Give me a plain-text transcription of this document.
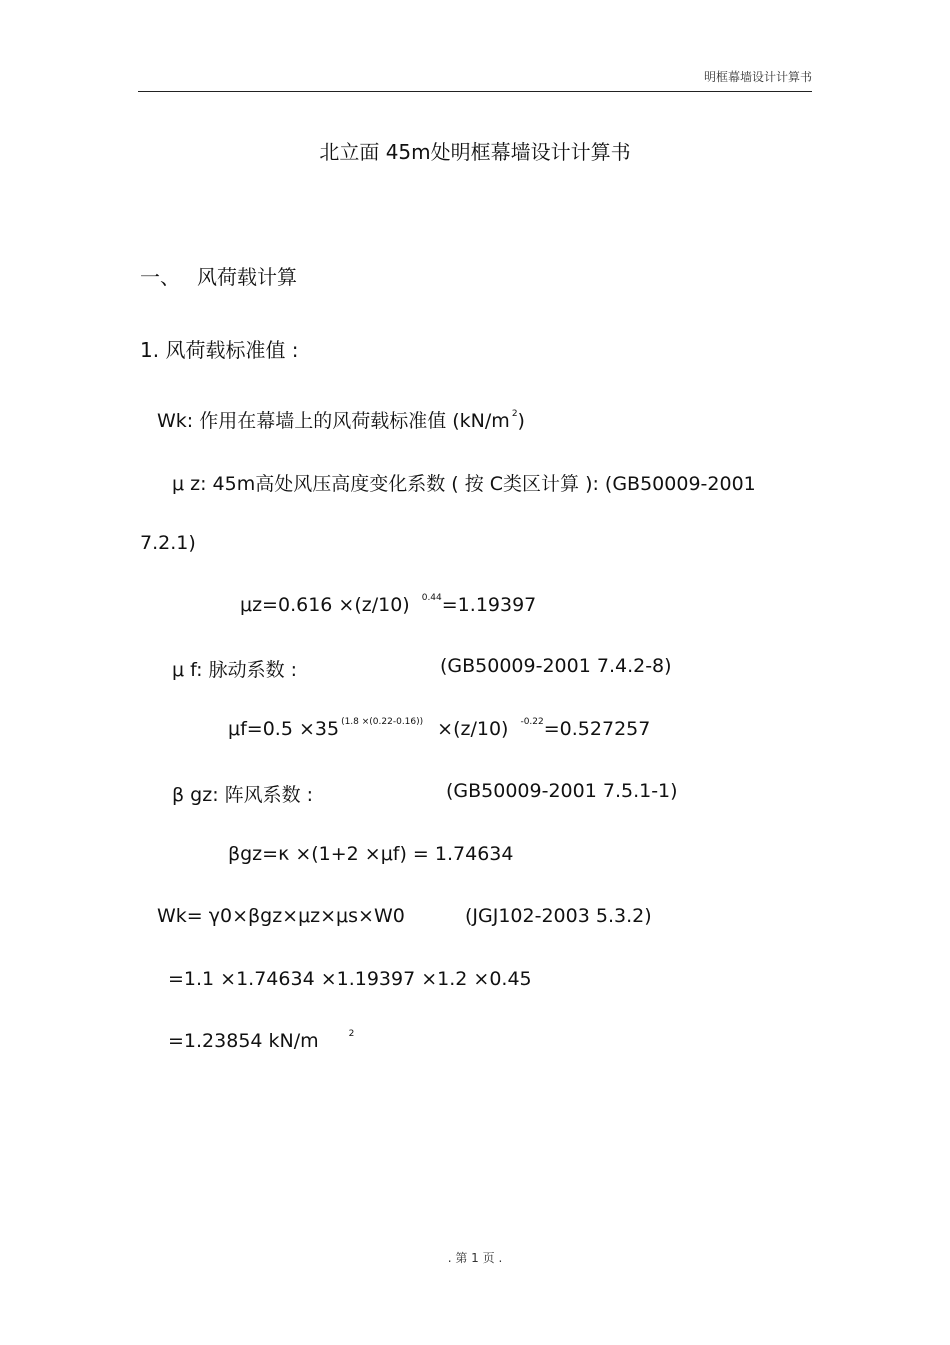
明框幕墙设计计算书
北立面 45m处明框幕墙设计计算书
一、 风荷载计算
1. 风荷载标准值 :
Wk: 作用在幕墙上的风荷载标准值 (kN/m $^2$)
μ z: 45m高处风压高度变化系数 ( 按 C类区计算 ): (GB50009-2001
7.2.1)
μz=0.616 ×(z/10) $^{0.44}$=1.19397
μ f: 脉动系数 :	(GB50009-2001 7.4.2-8)
μf=0.5 ×35 $^{(1.8 \times(0.22-0.16))}$ ×(z/10) $^{-0.22}$=0.527257
β gz: 阵风系数 :	(GB50009-2001 7.5.1-1)
βgz=κ ×(1+2 ×μf) = 1.74634
Wk= γ0×βgz×μz×μs×W0	(JGJ102-2003 5.3.2)
=1.1 ×1.74634 ×1.19397 ×1.2 ×0.45
=1.23854 kN/m	$^2$
. 第 1 页 .
